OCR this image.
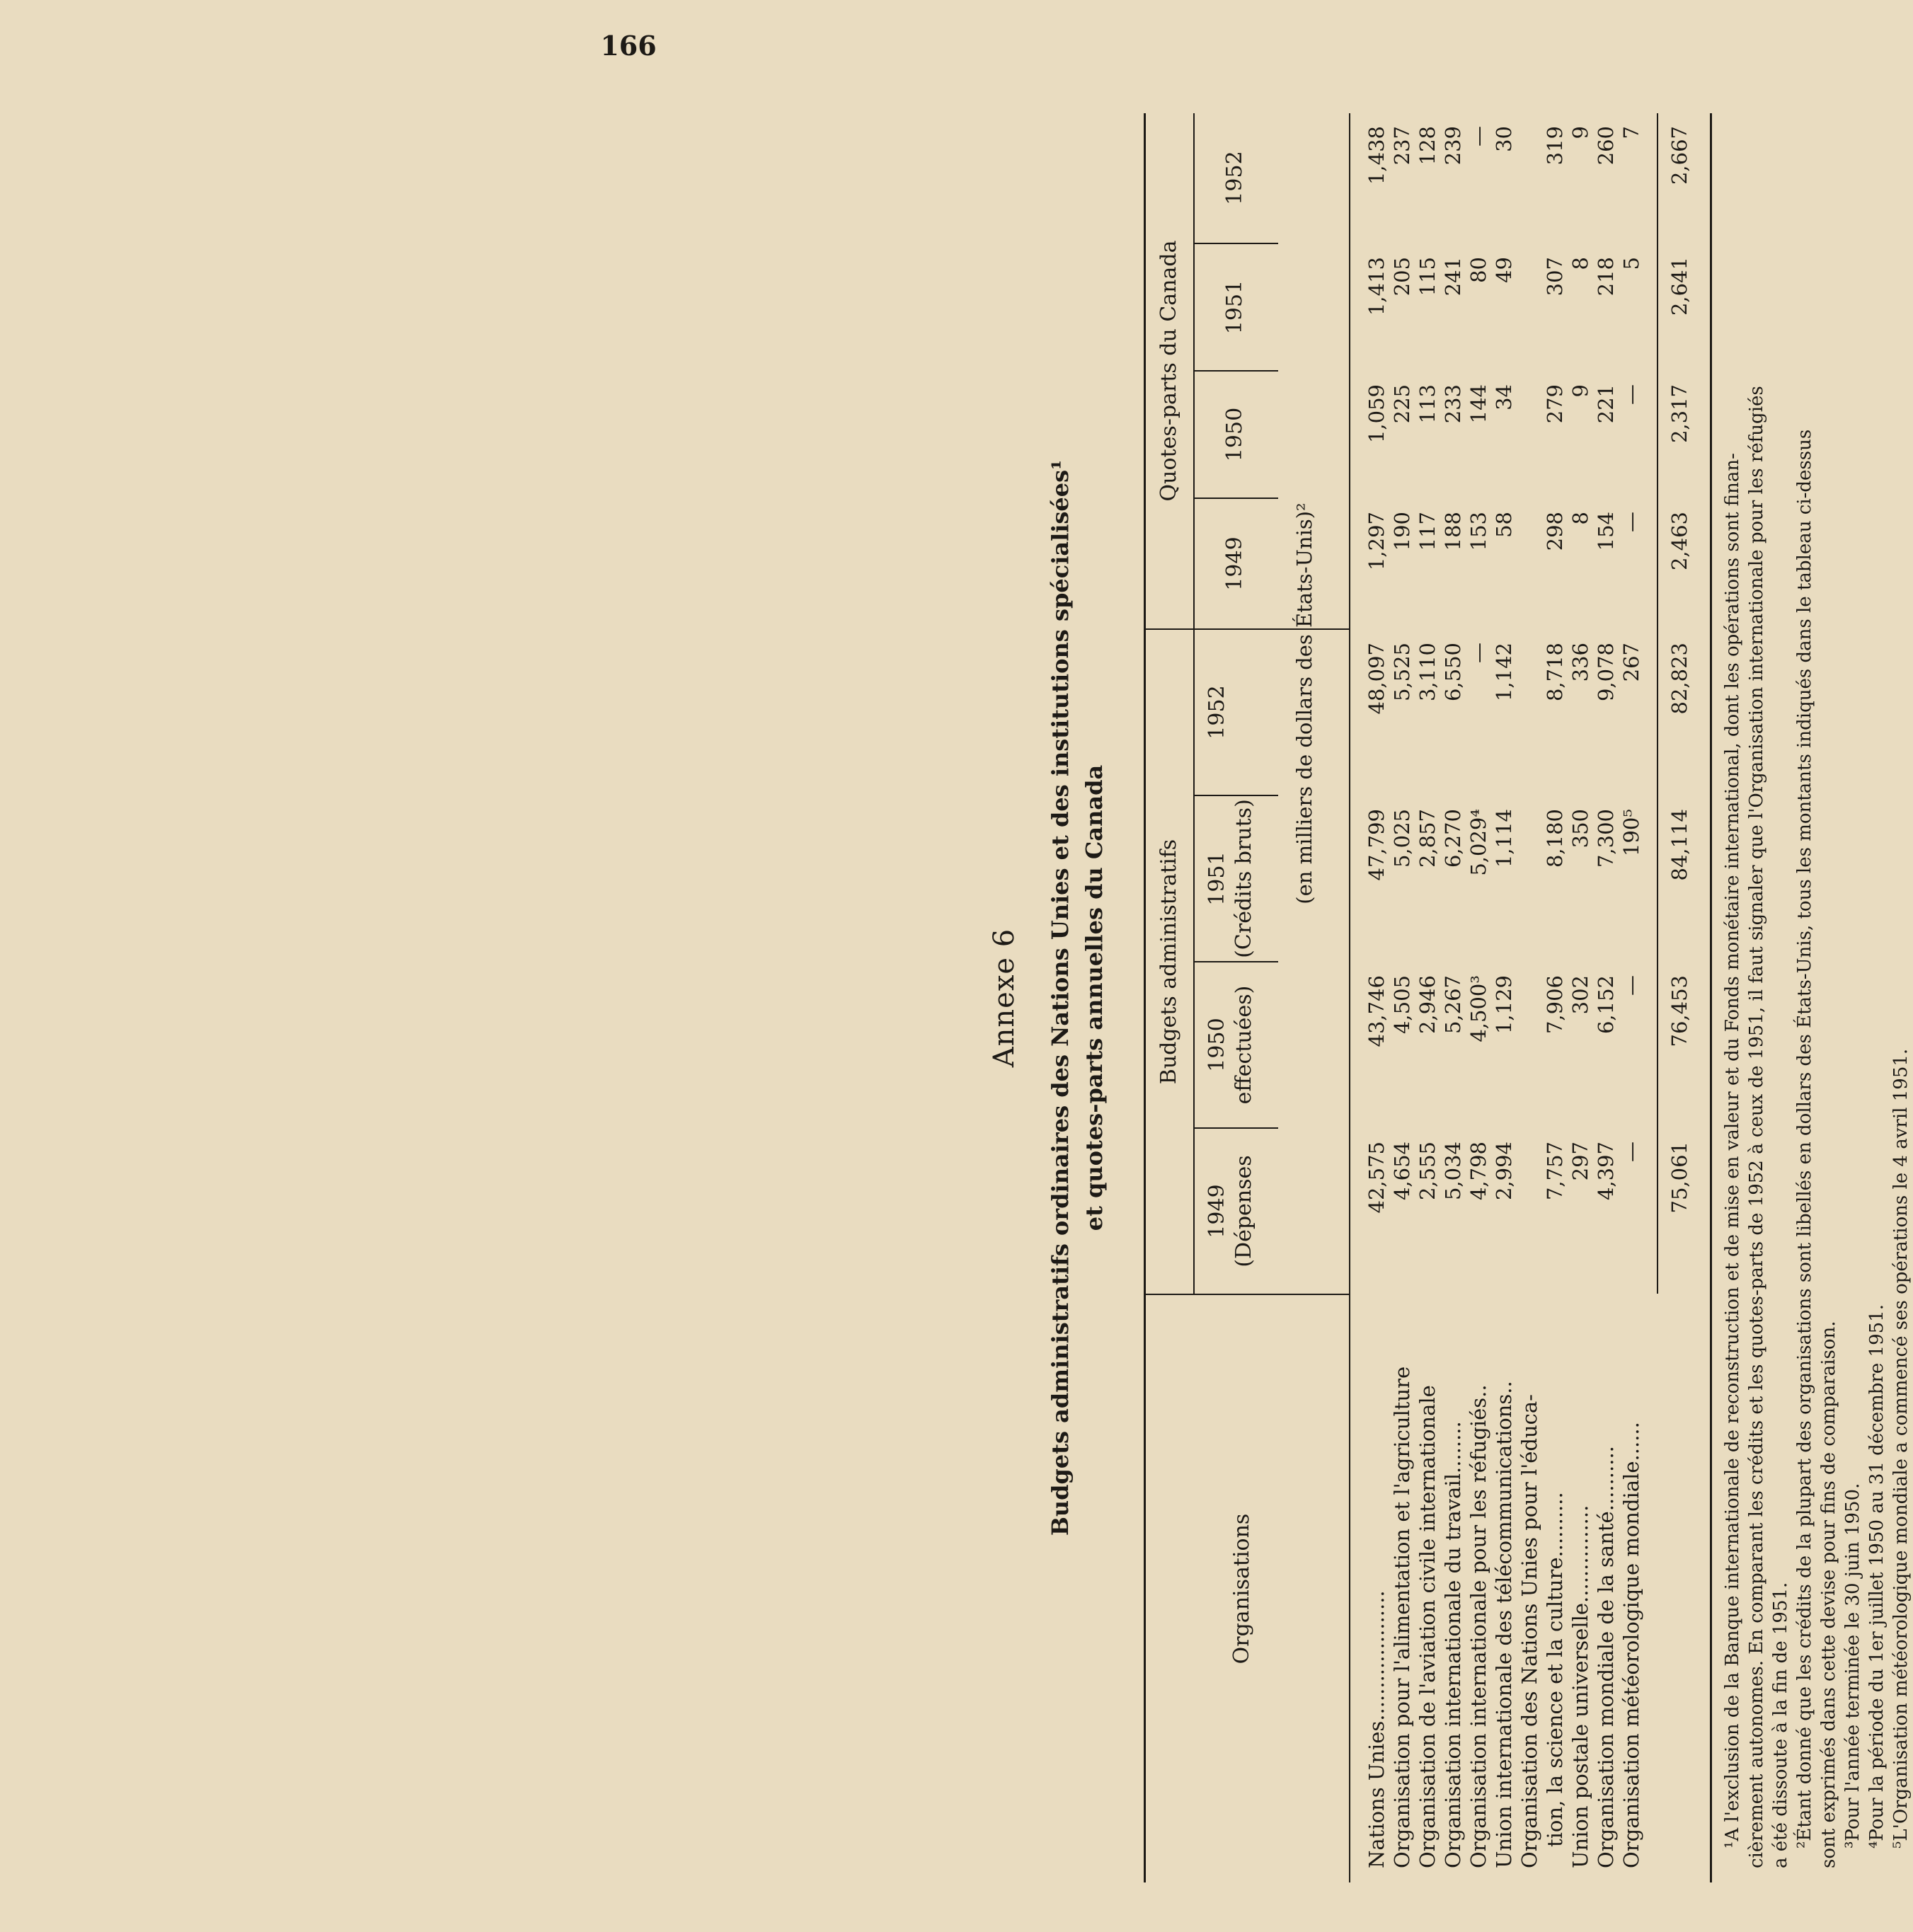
166
Annexe 6 Budgets administratifs ordinaires des Nations Unies et des institutions spécialisées¹ et quotes-parts annuelles du Canada
Organisations
Budgets administratifs
Quotes-parts du Canada
1949 (Dépenses
1950 effectuées)
1951 (Crédits bruts)
1952
1949
1950
1951
1952
(en milliers de dollars des États-Unis)²
Nations Unies....................
42,575
43,746
47,799
48,097
1,297
1,059
1,413
1,438
Organisation pour l'alimentation et l'agriculture
4,654
4,505
5,025
5,525
190
225
205
237
Organisation de l'aviation civile internationale
2,555
2,946
2,857
3,110
117
113
115
128
Organisation internationale du travail........
5,034
5,267
6,270
6,550
188
233
241
239
Organisation internationale pour les réfugiés..
4,798
4,500³
5,029⁴
—
153
144
80
—
Union internationale des télécommunications..
2,994
1,129
1,114
1,142
58
34
49
30
Organisation des Nations Unies pour l'éduca- tion, la science et la culture..........
7,757
7,906
8,180
8,718
298
279
307
319
Union postale universelle...............
297
302
350
336
8
9
8
9
Organisation mondiale de la santé..........
4,397
6,152
7,300
9,078
154
221
218
260
Organisation météorologique mondiale......
—
—
190⁵
267
—
—
5
7
75,061
76,453
84,114
82,823
2,463
2,317
2,641
2,667

¹A l'exclusion de la Banque internationale de reconstruction et de mise en valeur et du Fonds monétaire international, dont les opérations sont finan- cièrement autonomes. En comparant les crédits et les quotes-parts de 1952 à ceux de 1951, il faut signaler que l'Organisation internationale pour les réfugiés a été dissoute à la fin de 1951. ²Étant donné que les crédits de la plupart des organisations sont libellés en dollars des États-Unis, tous les montants indiqués dans le tableau ci-dessus sont exprimés dans cette devise pour fins de comparaison. ³Pour l'année terminée le 30 juin 1950. ⁴Pour la période du 1er juillet 1950 au 31 décembre 1951. ⁵L'Organisation météorologique mondiale a commencé ses opérations le 4 avril 1951.
